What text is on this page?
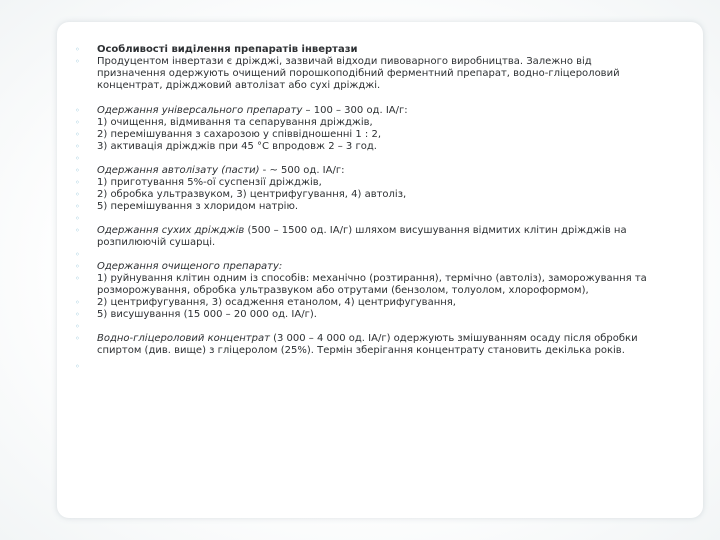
◦ Особливості виділення препаратів інвертази
◦ Продуцентом інвертази є дріжджі, зазвичай відходи пивоварного виробництва. Залежно від призначення одержують очищений порошкоподібний ферментний препарат, водно-гліцероловий концентрат, дріжджовий автолізат або сухі дріжджі.
◦ Одержання універсального препарату – 100 – 300 од. ІА/г:
◦ 1) очищення, відмивання та сепарування дріжджів,
◦ 2) перемішування з сахарозою у співвідношенні 1 : 2,
◦ 3) активація дріжджів при 45 °С впродовж 2 – 3 год.
◦
◦ Одержання автолізату (пасти) - ~ 500 од. ІА/г:
◦ 1) приготування 5%-ої суспензії дріжджів,
◦ 2) обробка ультразвуком, 3) центрифугування, 4) автоліз,
◦ 5) перемішування з хлоридом натрію.
◦
◦ Одержання сухих дріжджів (500 – 1500 од. ІА/г) шляхом висушування відмитих клітин дріжджів на розпилюючій сушарці.
◦
◦ Одержання очищеного препарату:
◦ 1) руйнування клітин одним із способів: механічно (розтирання), термічно (автоліз), заморожування та розморожування, обробка ультразвуком або отрутами (бензолом, толуолом, хлороформом),
◦ 2) центрифугування, 3) осадження етанолом, 4) центрифугування,
◦ 5) висушування (15 000 – 20 000 од. ІА/г).
◦
◦ Водно-гліцероловий концентрат (3 000 – 4 000 од. ІА/г) одержують змішуванням осаду після обробки спиртом (див. вище) з гліцеролом (25%). Термін зберігання концентрату становить декілька років.
◦
